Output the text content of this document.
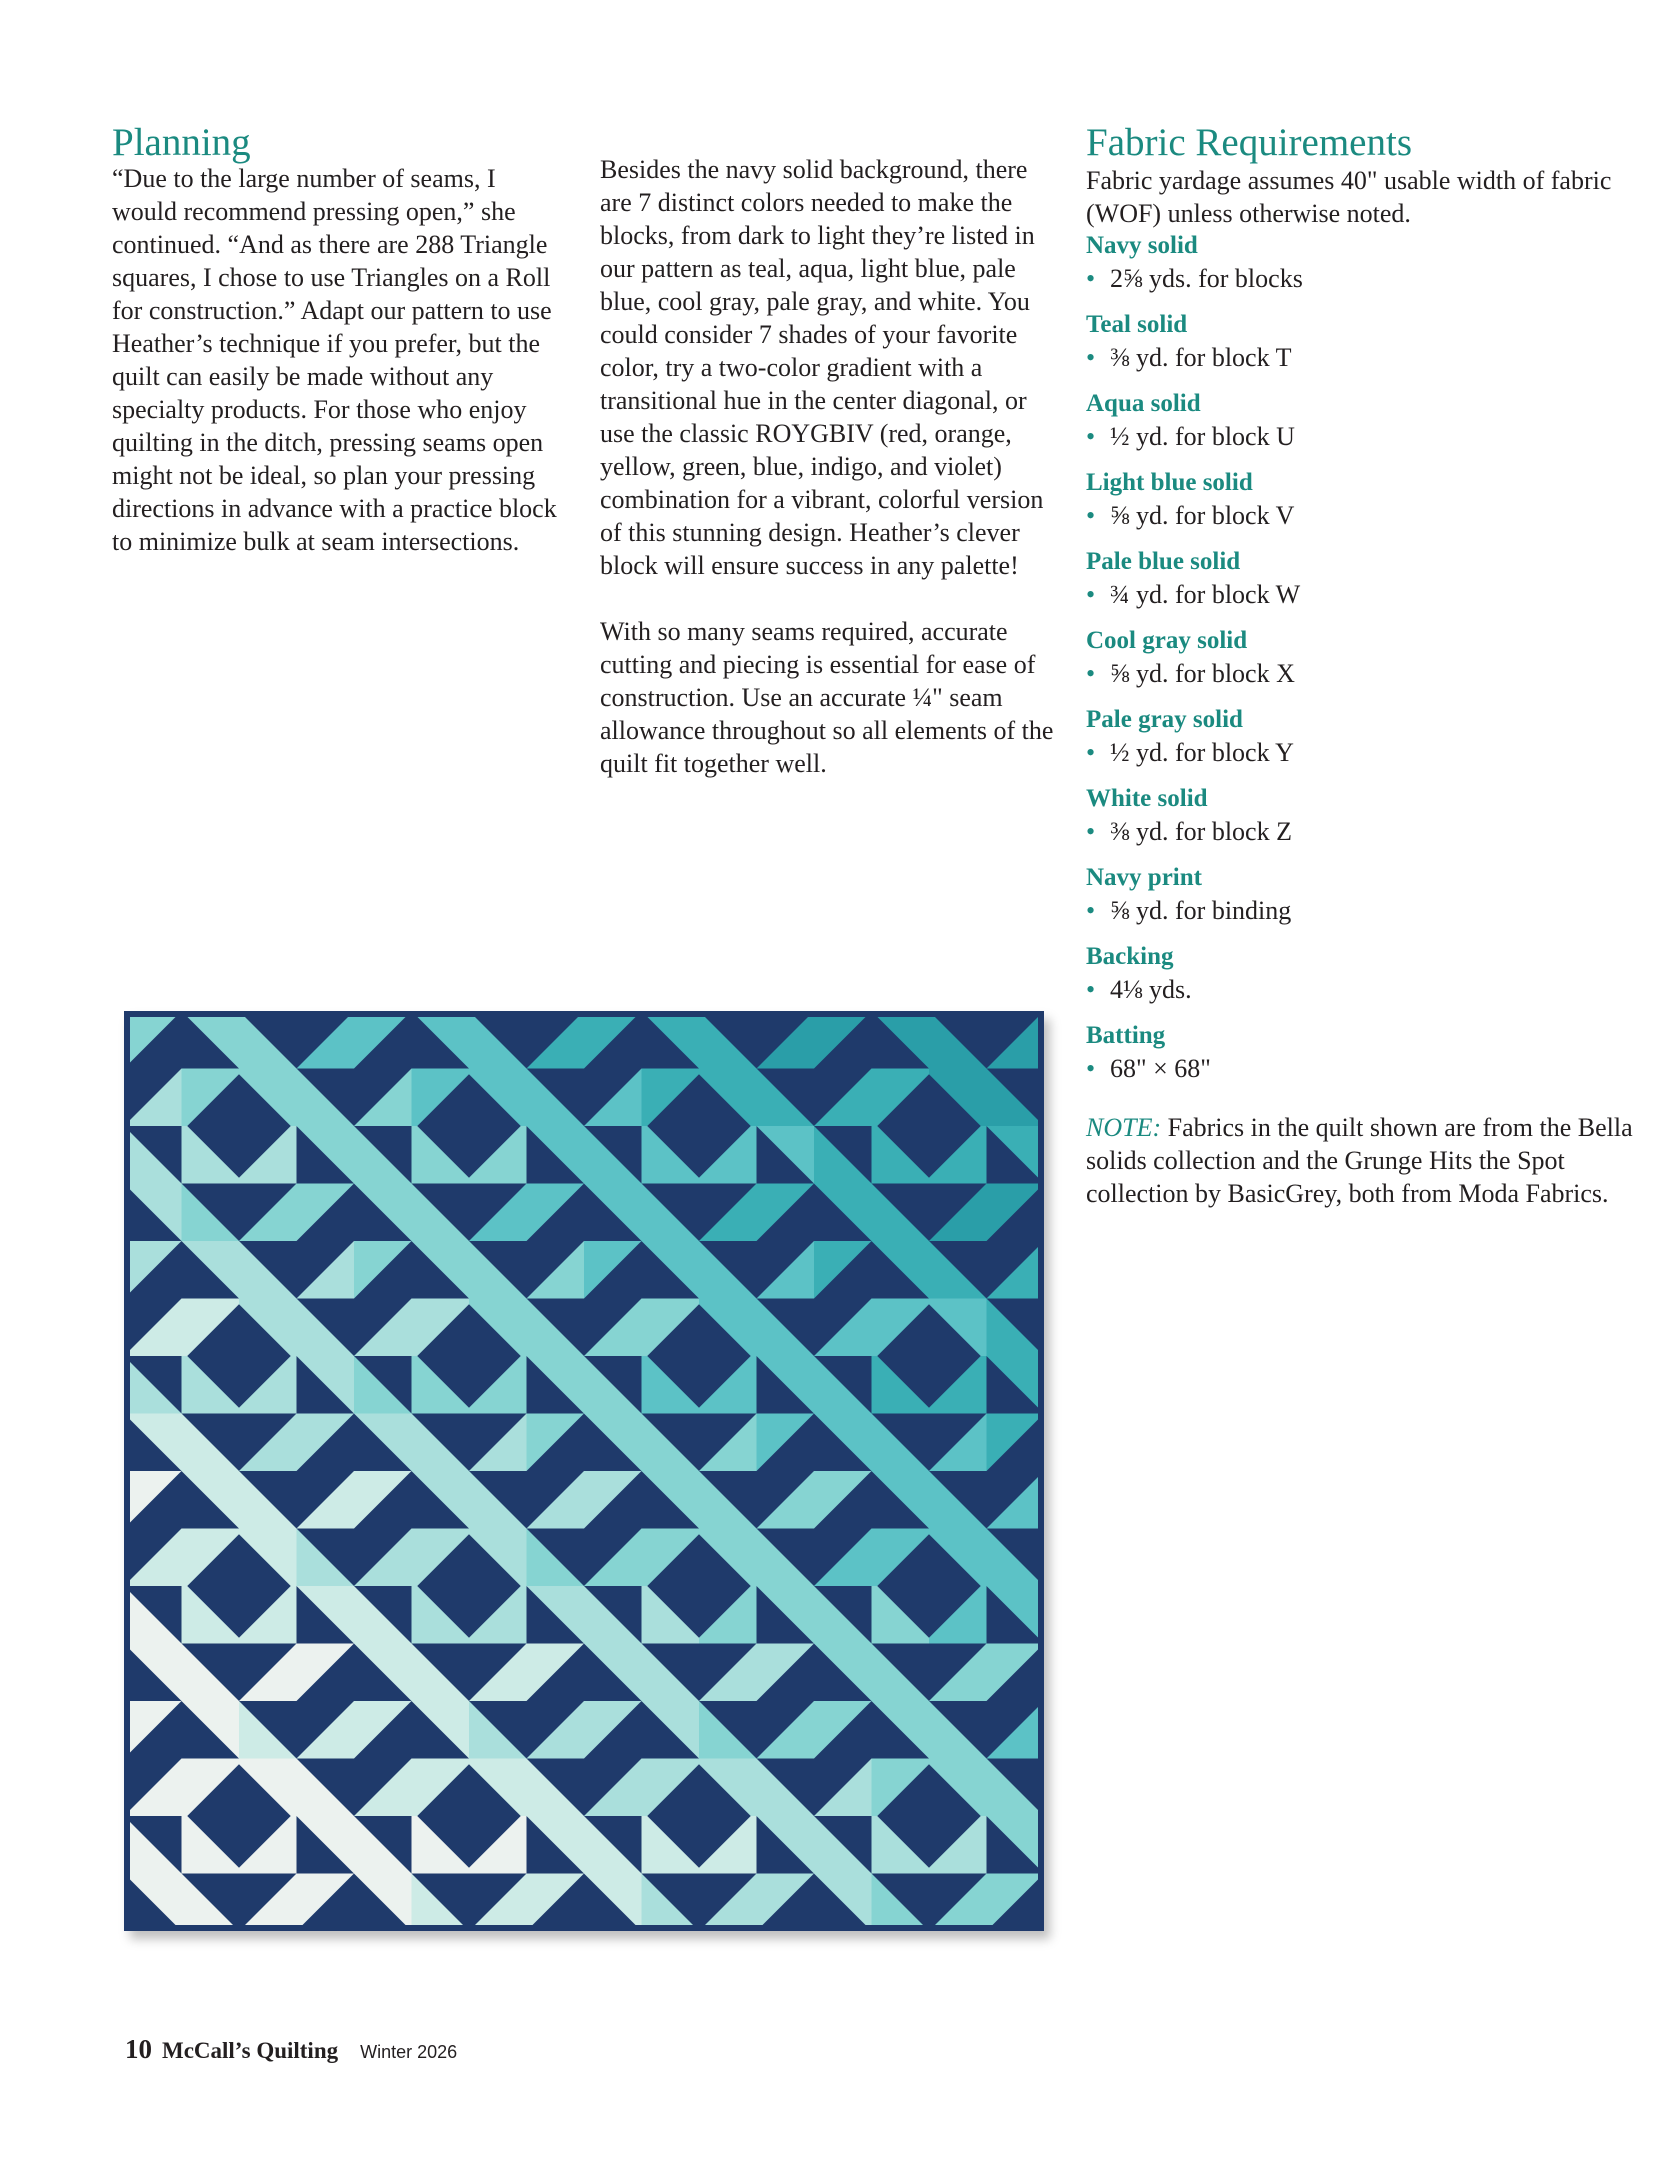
Planning

“Due to the large number of seams, I would recommend pressing open,” she continued. “And as there are 288 Triangle squares, I chose to use Triangles on a Roll for construction.” Adapt our pattern to use Heather’s technique if you prefer, but the quilt can easily be made without any specialty products. For those who enjoy quilting in the ditch, pressing seams open might not be ideal, so plan your pressing directions in advance with a practice block to minimize bulk at seam intersections.

Besides the navy solid background, there are 7 distinct colors needed to make the blocks, from dark to light they’re listed in our pattern as teal, aqua, light blue, pale blue, cool gray, pale gray, and white. You could consider 7 shades of your favorite color, try a two-color gradient with a transitional hue in the center diagonal, or use the classic ROYGBIV (red, orange, yellow, green, blue, indigo, and violet) combination for a vibrant, colorful version of this stunning design. Heather’s clever block will ensure success in any palette!

With so many seams required, accurate cutting and piecing is essential for ease of construction. Use an accurate ¼" seam allowance throughout so all elements of the quilt fit together well.

Fabric Requirements

Fabric yardage assumes 40" usable width of fabric (WOF) unless otherwise noted.

Navy solid

• 2⅝ yds. for blocks

Teal solid

• ⅜ yd. for block T

Aqua solid

• ½ yd. for block U

Light blue solid

• ⅝ yd. for block V

Pale blue solid

• ¾ yd. for block W

Cool gray solid

• ⅝ yd. for block X

Pale gray solid

• ½ yd. for block Y

White solid

• ⅜ yd. for block Z

Navy print

• ⅝ yd. for binding

Backing

• 4⅛ yds.

Batting

• 68" × 68"

NOTE: Fabrics in the quilt shown are from the Bella solids collection and the Grunge Hits the Spot collection by BasicGrey, both from Moda Fabrics.

10 McCall’s Quilting Winter 2026
